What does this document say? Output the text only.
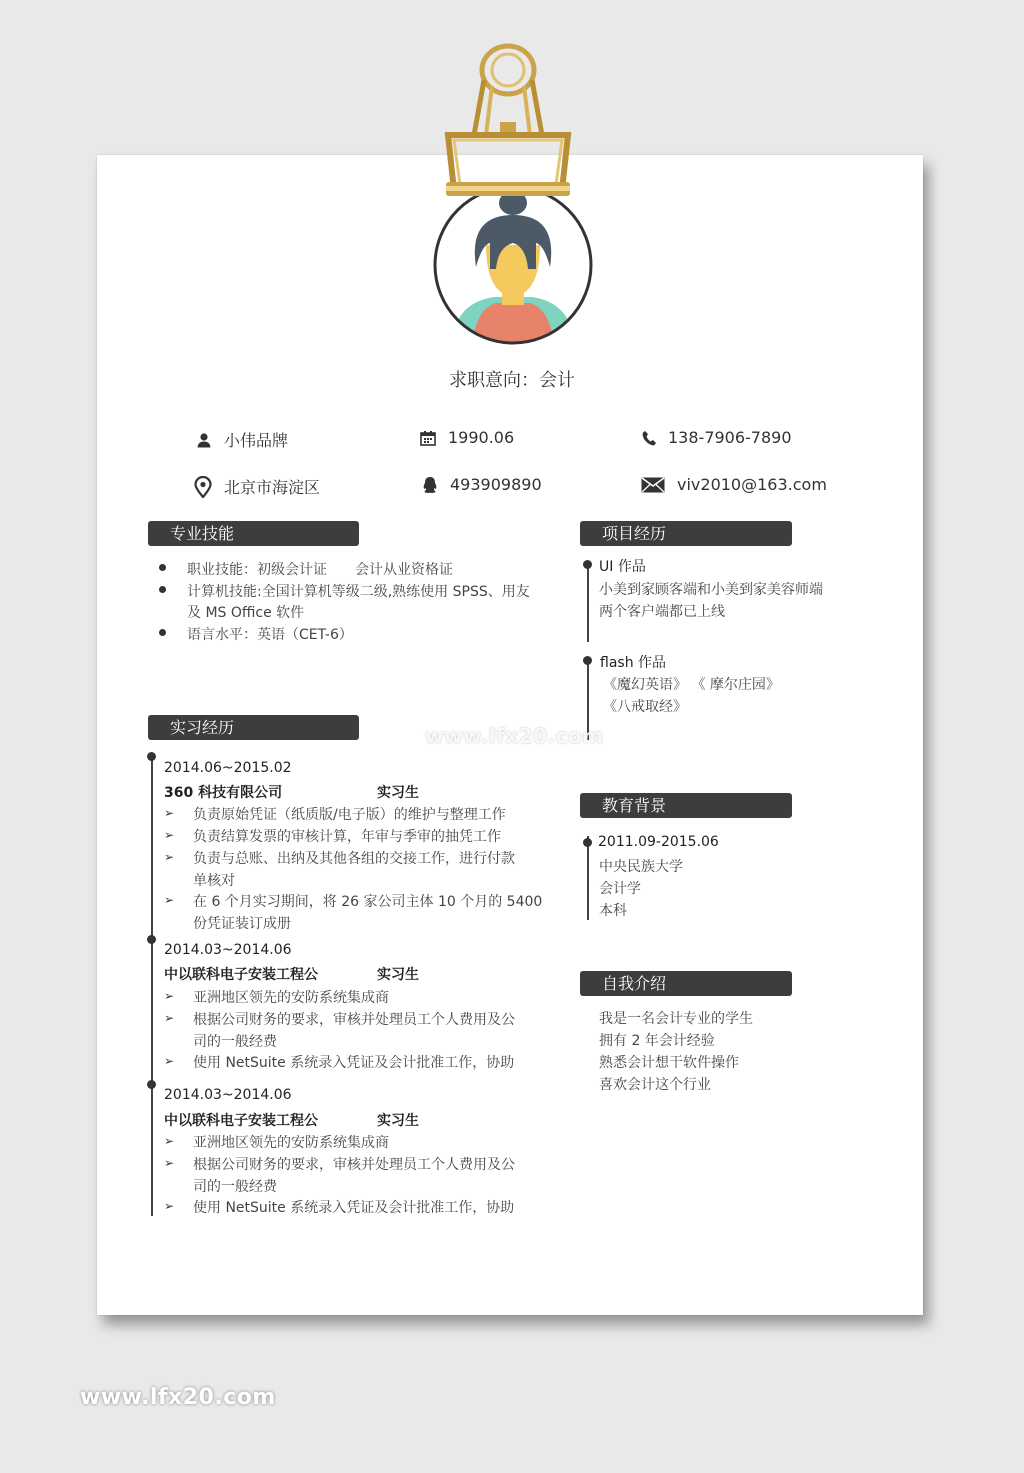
求职意向：会计
小伟品牌	1990.06	138-7906-7890
北京市海淀区	493909890	viv2010@163.com
专业技能
职业技能：初级会计证　　会计从业资格证
计算机技能:全国计算机等级二级,熟练使用 SPSS、用友
及 MS Office 软件
语言水平：英语（CET-6）
项目经历
UI 作品
小美到家顾客端和小美到家美容师端
两个客户端都已上线
flash 作品
《魔幻英语》 《 摩尔庄园》
《八戒取经》
实习经历
2014.06~2015.02
360 科技有限公司	实习生
➢ 负责原始凭证（纸质版/电子版）的维护与整理工作
➢ 负责结算发票的审核计算，年审与季审的抽凭工作
➢ 负责与总账、出纳及其他各组的交接工作，进行付款
单核对
➢ 在 6 个月实习期间，将 26 家公司主体 10 个月的 5400
份凭证装订成册
2014.03~2014.06
中以联科电子安装工程公	实习生
➢ 亚洲地区领先的安防系统集成商
➢ 根据公司财务的要求，审核并处理员工个人费用及公
司的一般经费
➢ 使用 NetSuite 系统录入凭证及会计批准工作，协助
2014.03~2014.06
中以联科电子安装工程公	实习生
➢ 亚洲地区领先的安防系统集成商
➢ 根据公司财务的要求，审核并处理员工个人费用及公
司的一般经费
➢ 使用 NetSuite 系统录入凭证及会计批准工作，协助
教育背景
2011.09-2015.06
中央民族大学
会计学
本科
自我介绍
我是一名会计专业的学生
拥有 2 年会计经验
熟悉会计想干软件操作
喜欢会计这个行业
www.lfx20.com
www.lfx20.com
